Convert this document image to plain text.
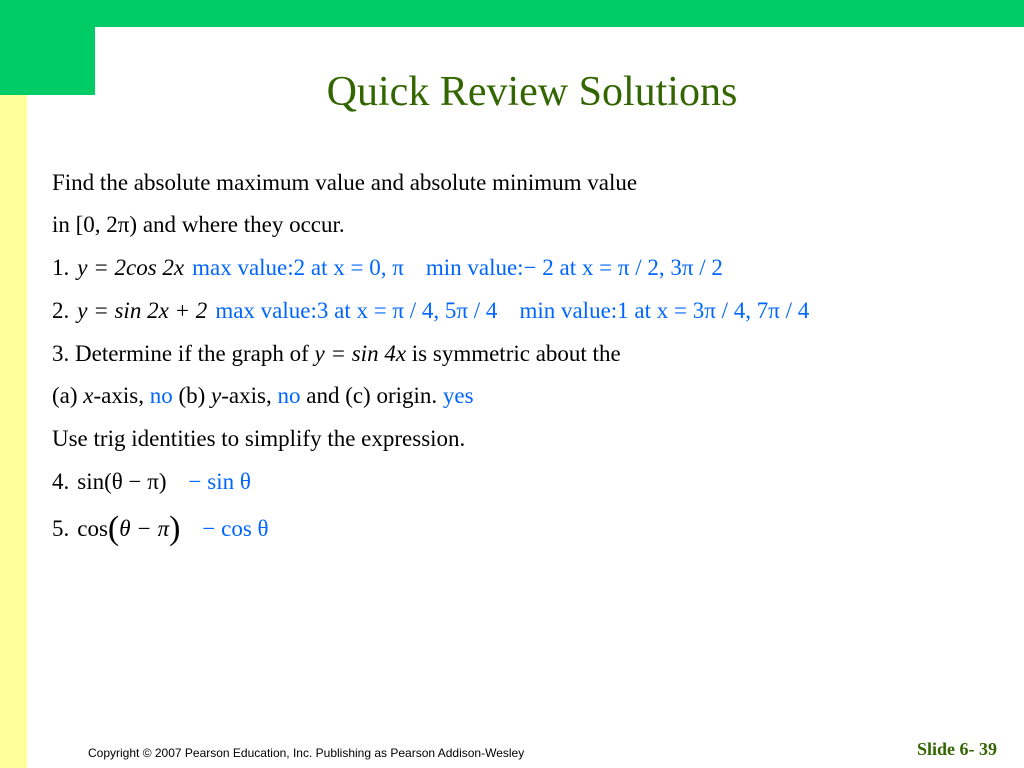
Quick Review Solutions
Find the absolute maximum value and absolute minimum value
in [0, 2π) and where they occur.
1. y = 2cos 2x max value:2 at x = 0, π min value:− 2 at x = π / 2, 3π / 2
2. y = sin 2x + 2 max value:3 at x = π / 4, 5π / 4 min value:1 at x = 3π / 4, 7π / 4
3. Determine if the graph of y = sin 4x is symmetric about the
(a) x-axis, no (b) y-axis, no and (c) origin. yes
Use trig identities to simplify the expression.
4. sin(θ − π) − sin θ
5. cos(θ − π) − cos θ
Copyright © 2007 Pearson Education, Inc. Publishing as Pearson Addison-Wesley	Slide 6- 39
